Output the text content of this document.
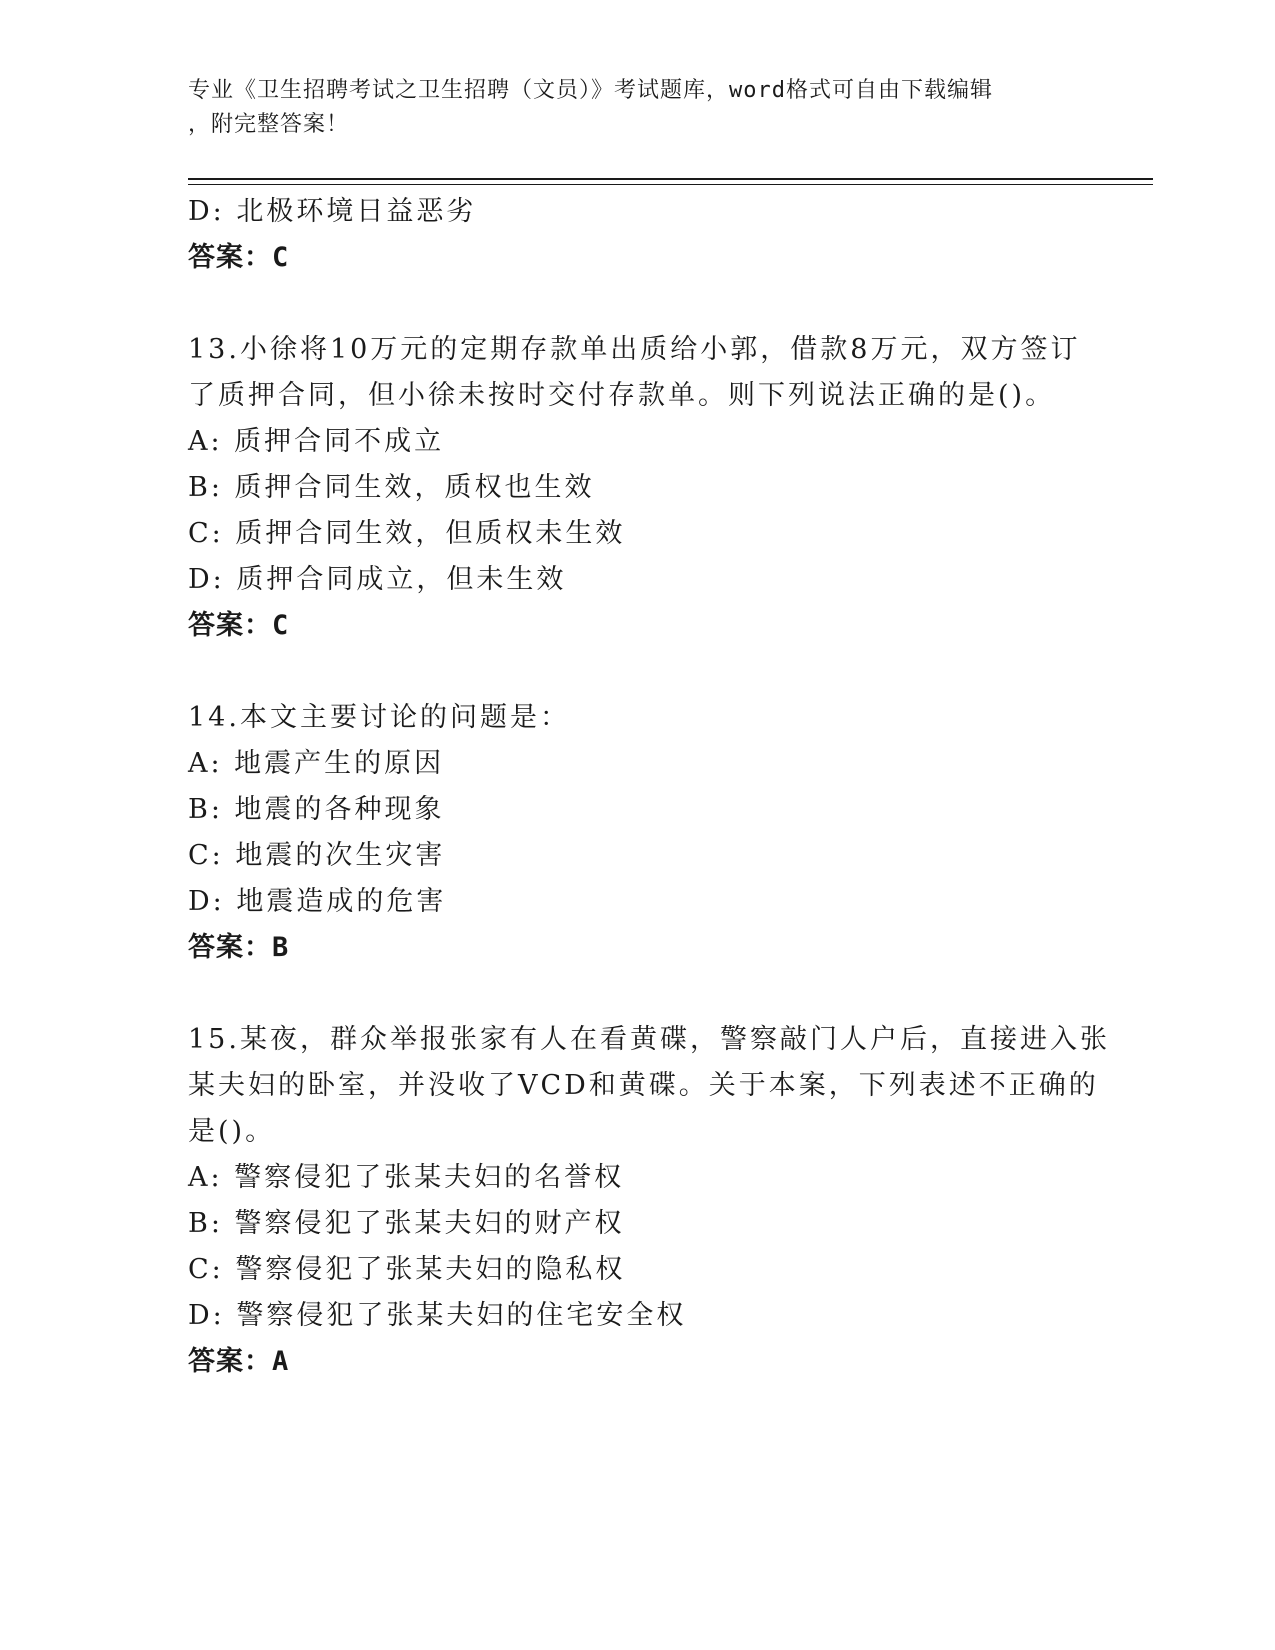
专业《卫生招聘考试之卫生招聘（文员）》考试题库，word格式可自由下载编辑
，附完整答案！
D: 北极环境日益恶劣
答案：C
13.小徐将10万元的定期存款单出质给小郭，借款8万元，双方签订
了质押合同，但小徐未按时交付存款单。则下列说法正确的是()。
A: 质押合同不成立
B: 质押合同生效，质权也生效
C: 质押合同生效，但质权未生效
D: 质押合同成立，但未生效
答案：C
14.本文主要讨论的问题是：
A: 地震产生的原因
B: 地震的各种现象
C: 地震的次生灾害
D: 地震造成的危害
答案：B
15.某夜，群众举报张家有人在看黄碟，警察敲门人户后，直接进入张
某夫妇的卧室，并没收了VCD和黄碟。关于本案，下列表述不正确的
是()。
A: 警察侵犯了张某夫妇的名誉权
B: 警察侵犯了张某夫妇的财产权
C: 警察侵犯了张某夫妇的隐私权
D: 警察侵犯了张某夫妇的住宅安全权
答案：A
